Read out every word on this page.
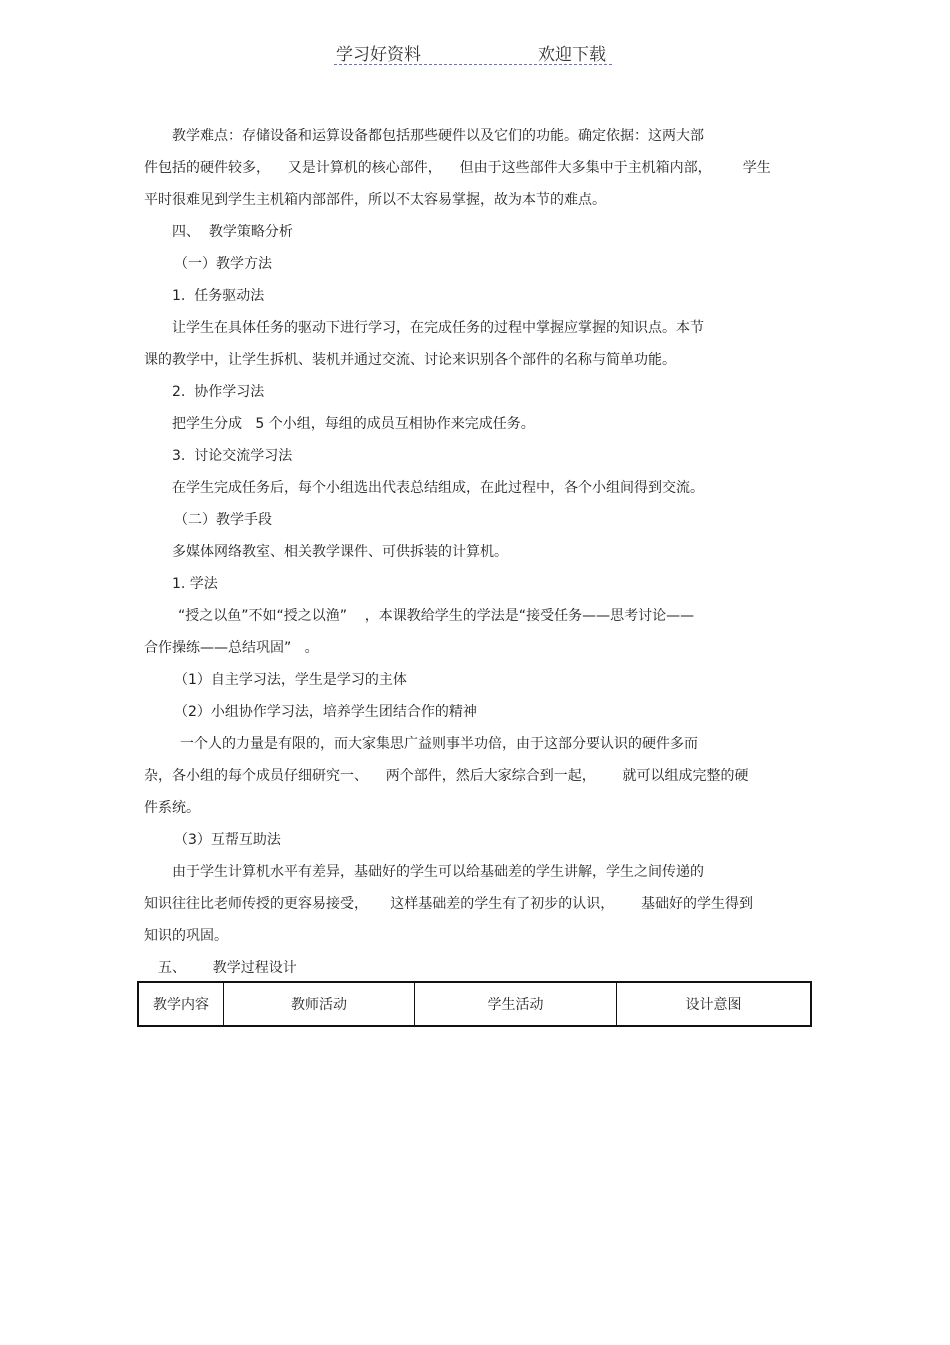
学习好资料	欢迎下载
教学难点：存储设备和运算设备都包括那些硬件以及它们的功能。确定依据：这两大部
件包括的硬件较多，    又是计算机的核心部件，    但由于这些部件大多集中于主机箱内部，       学生
平时很难见到学生主机箱内部部件，所以不太容易掌握，故为本节的难点。
四、  教学策略分析
（一）教学方法
1.  任务驱动法
让学生在具体任务的驱动下进行学习，在完成任务的过程中掌握应掌握的知识点。本节
课的教学中，让学生拆机、装机并通过交流、讨论来识别各个部件的名称与简单功能。
2.  协作学习法
把学生分成   5 个小组，每组的成员互相协作来完成任务。
3.  讨论交流学习法
在学生完成任务后，每个小组选出代表总结组成，在此过程中，各个小组间得到交流。
（二）教学手段
多媒体网络教室、相关教学课件、可供拆装的计算机。
1. 学法
“授之以鱼”不如“授之以渔”    ，本课教给学生的学法是“接受任务——思考讨论——
合作操练——总结巩固”   。
（1）自主学习法，学生是学习的主体
（2）小组协作学习法，培养学生团结合作的精神
一个人的力量是有限的，而大家集思广益则事半功倍，由于这部分要认识的硬件多而
杂，各小组的每个成员仔细研究一、    两个部件，然后大家综合到一起，      就可以组成完整的硬
件系统。
（3）互帮互助法
由于学生计算机水平有差异，基础好的学生可以给基础差的学生讲解，学生之间传递的
知识往往比老师传授的更容易接受，     这样基础差的学生有了初步的认识，      基础好的学生得到
知识的巩固。
五、      教学过程设计
教学内容	教师活动	学生活动	设计意图
